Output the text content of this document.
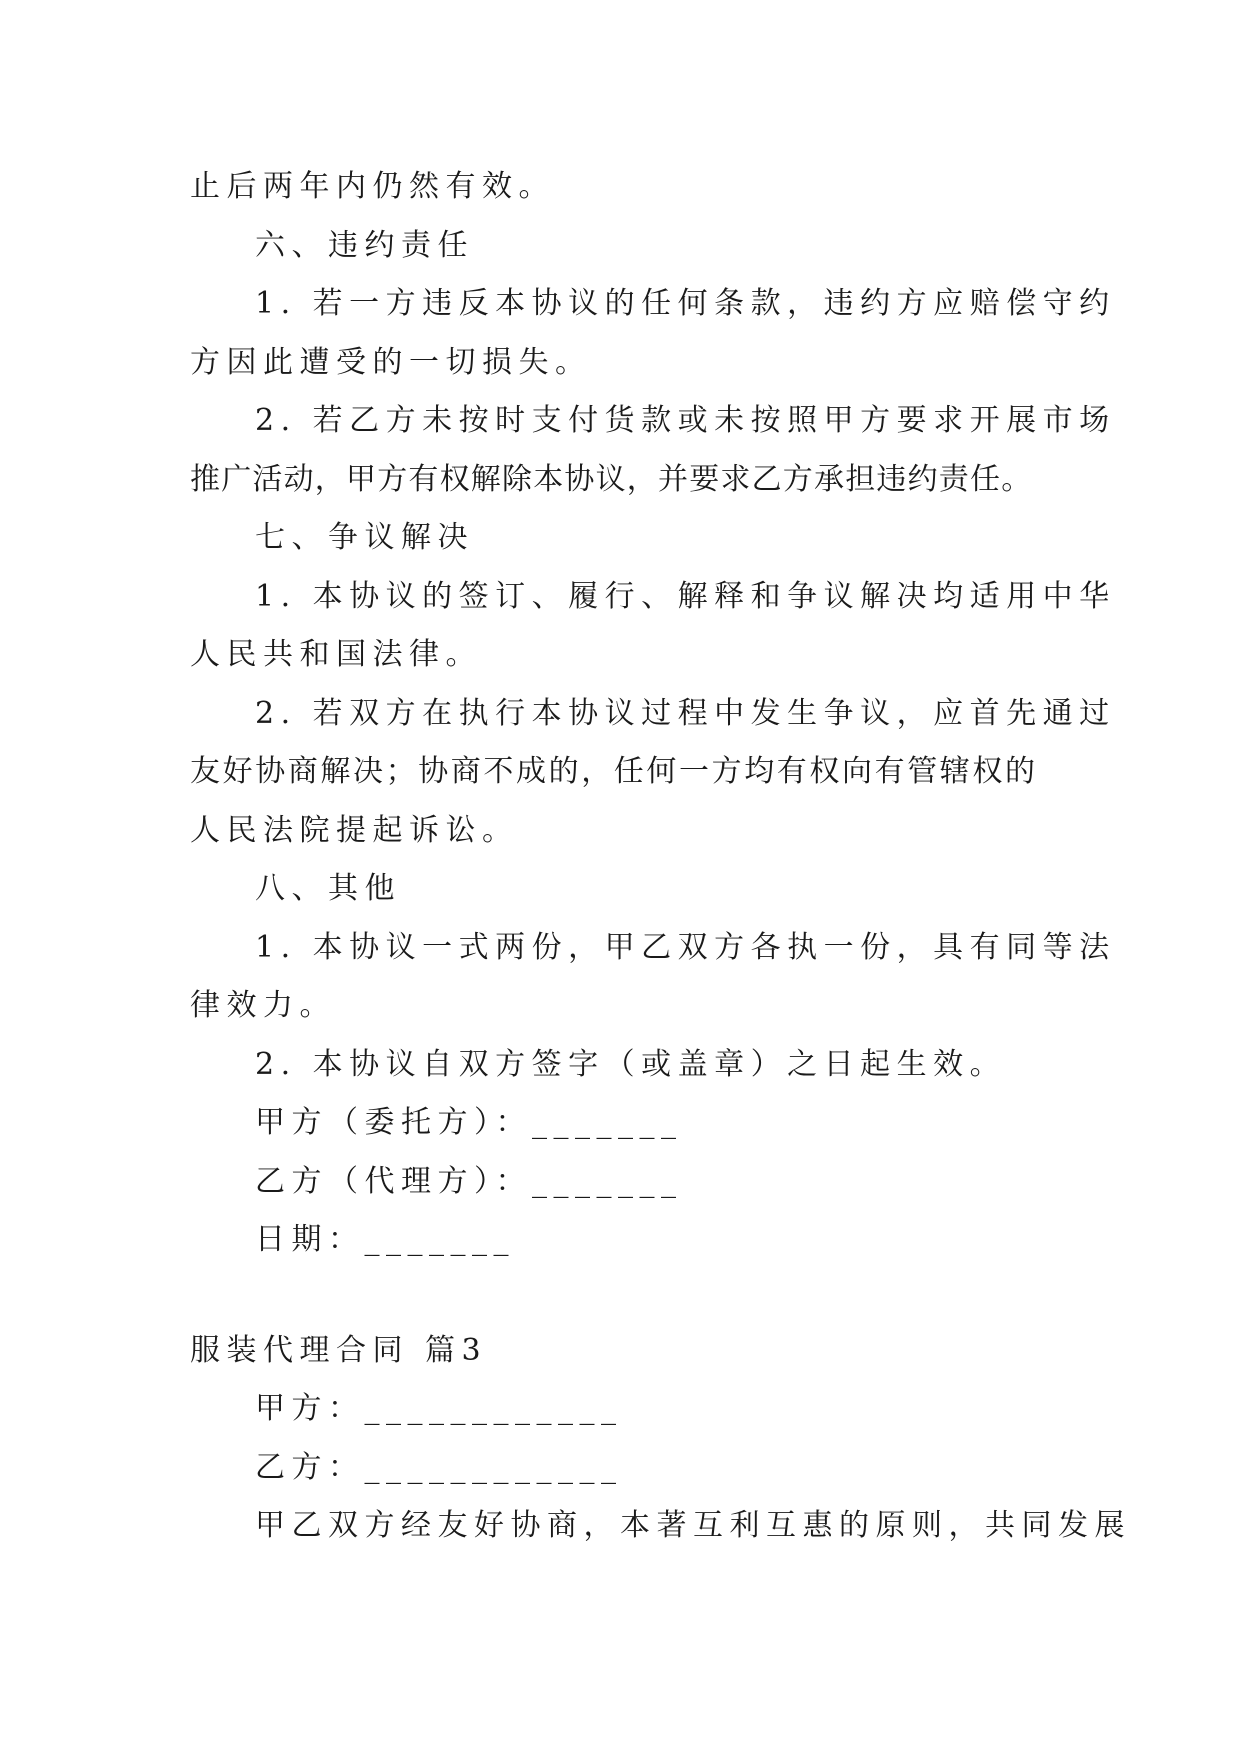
止后两年内仍然有效。
六、违约责任
1. 若一方违反本协议的任何条款，违约方应赔偿守约
方因此遭受的一切损失。
2. 若乙方未按时支付货款或未按照甲方要求开展市场
推广活动，甲方有权解除本协议，并要求乙方承担违约责任。
七、争议解决
1. 本协议的签订、履行、解释和争议解决均适用中华
人民共和国法律。
2. 若双方在执行本协议过程中发生争议，应首先通过
友好协商解决；协商不成的，任何一方均有权向有管辖权的
人民法院提起诉讼。
八、其他
1. 本协议一式两份，甲乙双方各执一份，具有同等法
律效力。
2. 本协议自双方签字（或盖章）之日起生效。
甲方（委托方）：_______
乙方（代理方）：_______
日期：_______
服装代理合同 篇3
甲方：____________
乙方：____________
甲乙双方经友好协商，本著互利互惠的原则，共同发展
